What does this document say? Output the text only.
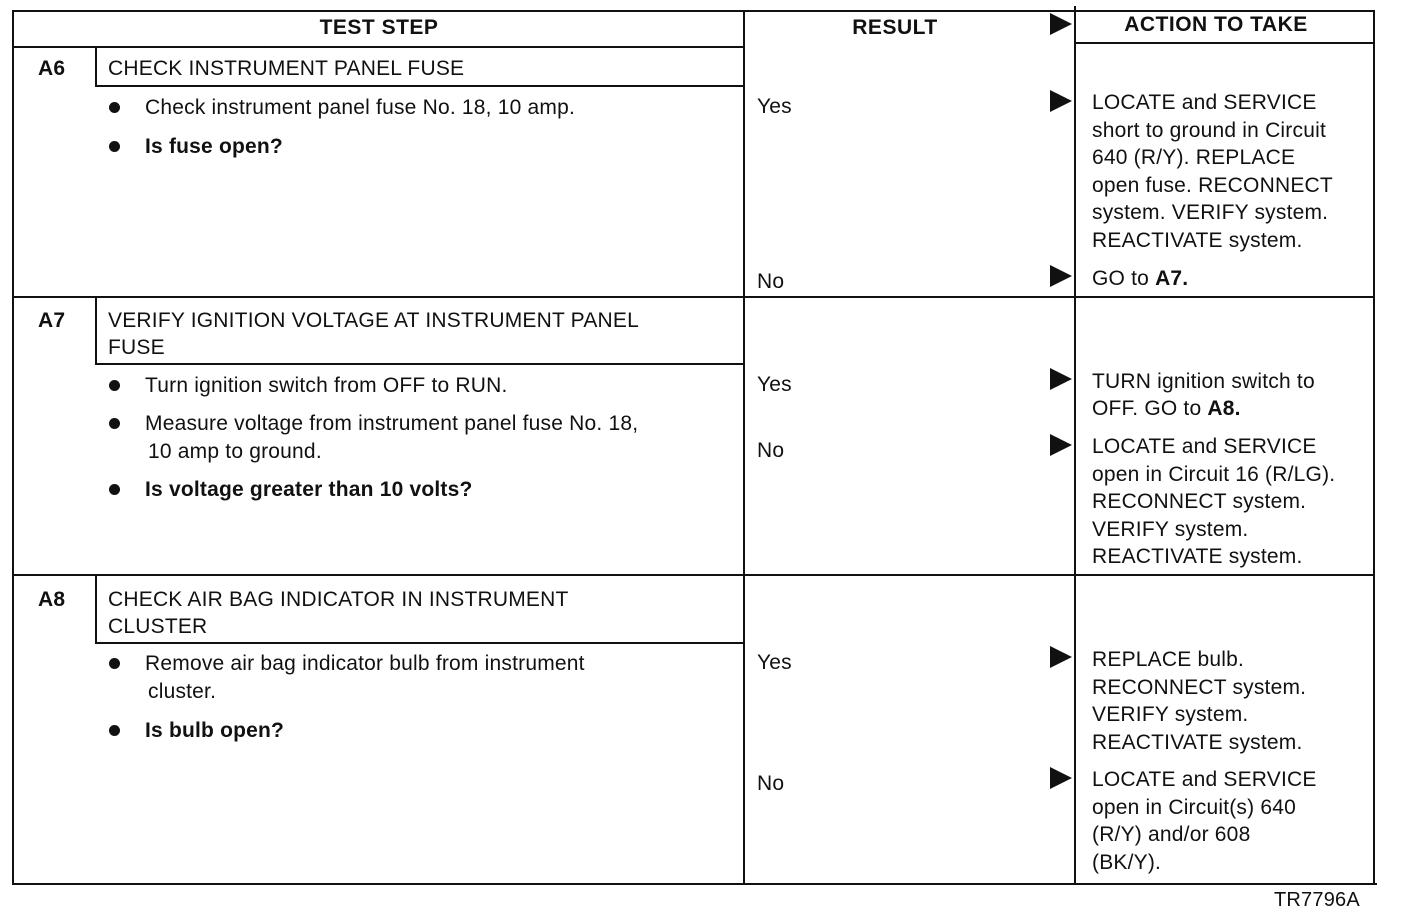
TEST STEP	RESULT	ACTION TO TAKE
A6 CHECK INSTRUMENT PANEL FUSE
Check instrument panel fuse No. 18, 10 amp.
Is fuse open?
Yes	LOCATE and SERVICE
short to ground in Circuit
640 (R/Y). REPLACE
open fuse. RECONNECT
system. VERIFY system.
REACTIVATE system.
No	GO to A7.
A7 VERIFY IGNITION VOLTAGE AT INSTRUMENT PANEL
FUSE
Turn ignition switch from OFF to RUN.
Measure voltage from instrument panel fuse No. 18,
10 amp to ground.
Is voltage greater than 10 volts?
Yes	TURN ignition switch to
OFF. GO to A8.
No	LOCATE and SERVICE
open in Circuit 16 (R/LG).
RECONNECT system.
VERIFY system.
REACTIVATE system.
A8 CHECK AIR BAG INDICATOR IN INSTRUMENT
CLUSTER
Remove air bag indicator bulb from instrument
cluster.
Is bulb open?
Yes	REPLACE bulb.
RECONNECT system.
VERIFY system.
REACTIVATE system.
No	LOCATE and SERVICE
open in Circuit(s) 640
(R/Y) and/or 608
(BK/Y).
TR7796A
